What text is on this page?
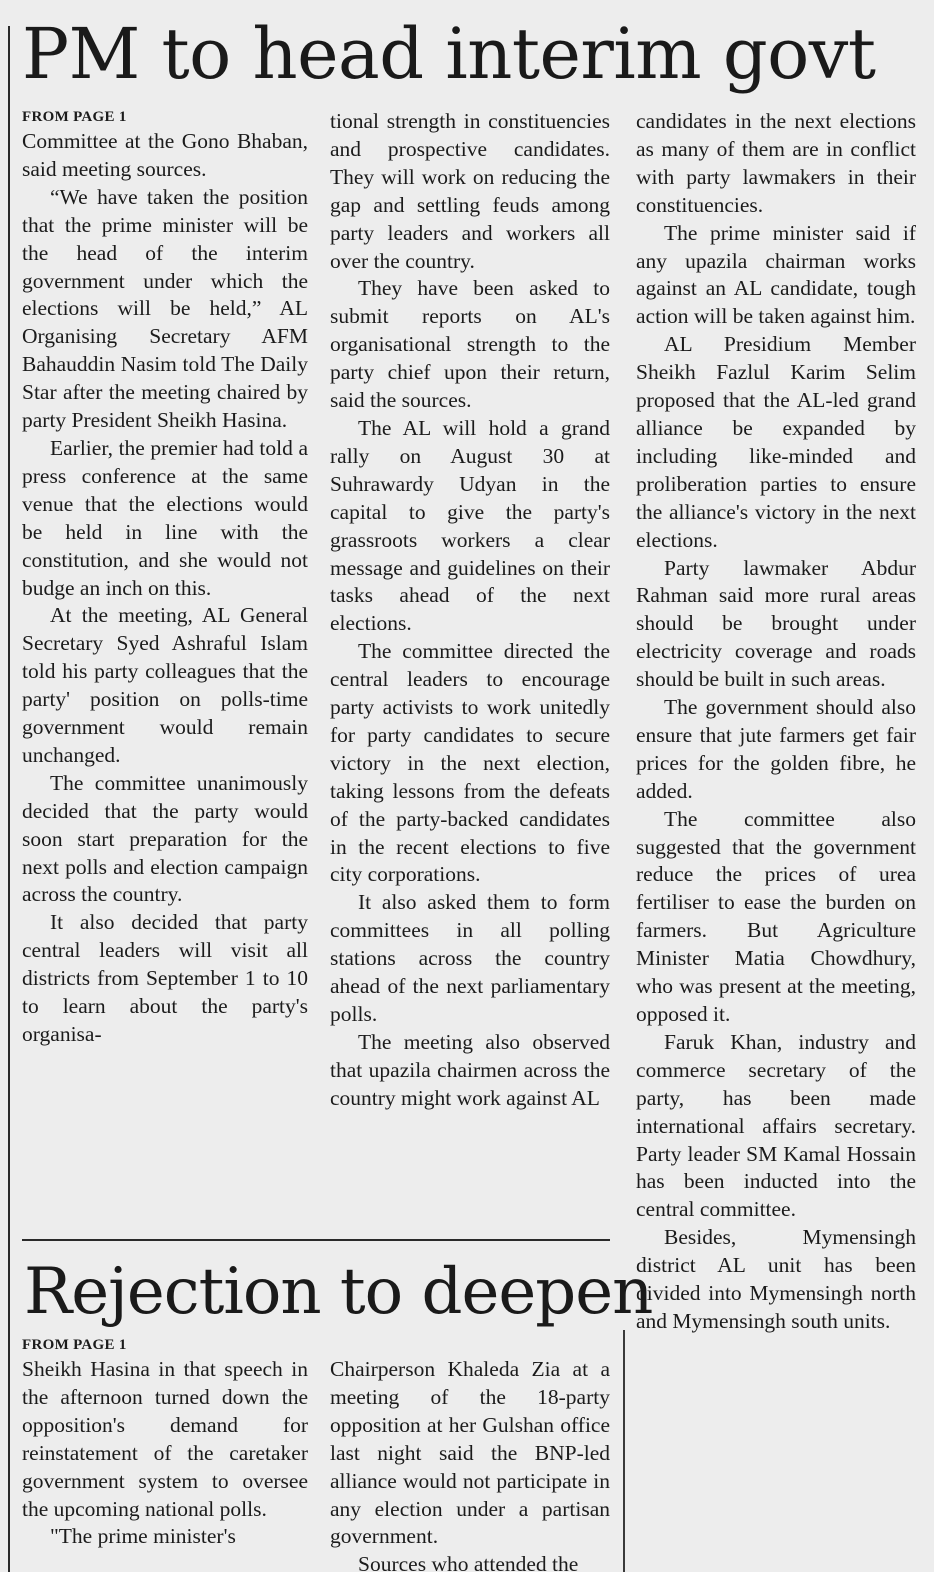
PM to head interim govt
FROM PAGE 1

Committee at the Gono Bhaban, said meeting sources.

“We have taken the position that the prime minister will be the head of the interim government under which the elections will be held,” AL Organising Secretary AFM Bahauddin Nasim told The Daily Star after the meeting chaired by party President Sheikh Hasina.

Earlier, the premier had told a press conference at the same venue that the elections would be held in line with the constitution, and she would not budge an inch on this.

At the meeting, AL General Secretary Syed Ashraful Islam told his party colleagues that the party' position on polls-time government would remain unchanged.

The committee unanimously decided that the party would soon start preparation for the next polls and election campaign across the country.

It also decided that party central leaders will visit all districts from September 1 to 10 to learn about the party's organisa-

tional strength in constituencies and prospective candidates. They will work on reducing the gap and settling feuds among party leaders and workers all over the country.

They have been asked to submit reports on AL's organisational strength to the party chief upon their return, said the sources.

The AL will hold a grand rally on August 30 at Suhrawardy Udyan in the capital to give the party's grassroots workers a clear message and guidelines on their tasks ahead of the next elections.

The committee directed the central leaders to encourage party activists to work unitedly for party candidates to secure victory in the next election, taking lessons from the defeats of the party-backed candidates in the recent elections to five city corporations.

It also asked them to form committees in all polling stations across the country ahead of the next parliamentary polls.

The meeting also observed that upazila chairmen across the country might work against AL

candidates in the next elections as many of them are in conflict with party lawmakers in their constituencies.

The prime minister said if any upazila chairman works against an AL candidate, tough action will be taken against him.

AL Presidium Member Sheikh Fazlul Karim Selim proposed that the AL-led grand alliance be expanded by including like-minded and proliberation parties to ensure the alliance's victory in the next elections.

Party lawmaker Abdur Rahman said more rural areas should be brought under electricity coverage and roads should be built in such areas.

The government should also ensure that jute farmers get fair prices for the golden fibre, he added.

The committee also suggested that the government reduce the prices of urea fertiliser to ease the burden on farmers. But Agriculture Minister Matia Chowdhury, who was present at the meeting, opposed it.

Faruk Khan, industry and commerce secretary of the party, has been made international affairs secretary. Party leader SM Kamal Hossain has been inducted into the central committee.

Besides, Mymensingh district AL unit has been divided into Mymensingh north and Mymensingh south units.

Rejection to deepen
FROM PAGE 1

Sheikh Hasina in that speech in the afternoon turned down the opposition's demand for reinstatement of the caretaker government system to oversee the upcoming national polls.

"The prime minister's

Chairperson Khaleda Zia at a meeting of the 18-party opposition at her Gulshan office last night said the BNP-led alliance would not participate in any election under a partisan government.

Sources who attended the
